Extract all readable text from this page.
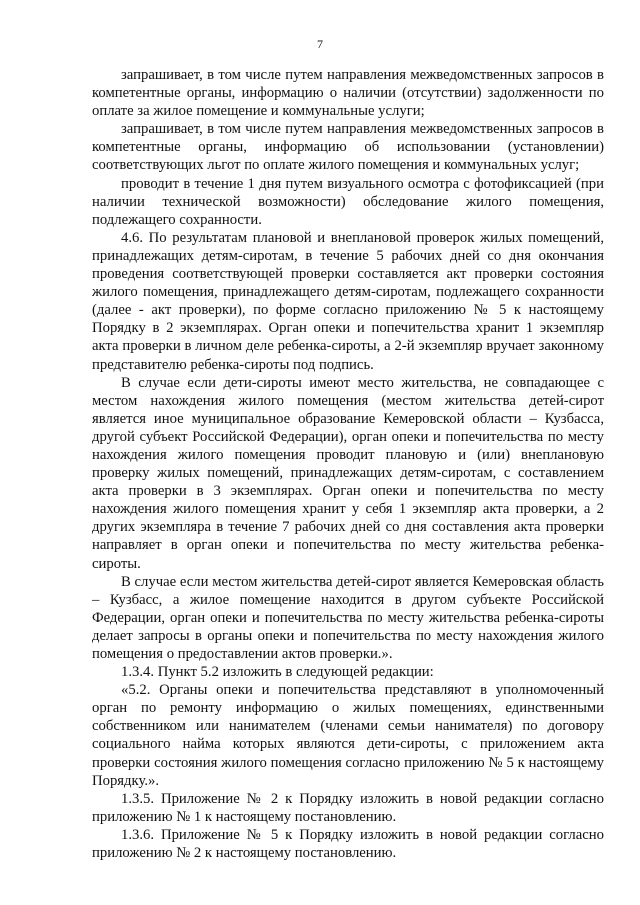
7

запрашивает, в том числе путем направления межведомственных запросов в компетентные органы, информацию о наличии (отсутствии) задолженности по оплате за жилое помещение и коммунальные услуги;

запрашивает, в том числе путем направления межведомственных запросов в компетентные органы, информацию об использовании (установлении) соответствующих льгот по оплате жилого помещения и коммунальных услуг;

проводит в течение 1 дня путем визуального осмотра с фотофиксацией (при наличии технической возможности) обследование жилого помещения, подлежащего сохранности.

4.6. По результатам плановой и внеплановой проверок жилых помещений, принадлежащих детям-сиротам, в течение 5 рабочих дней со дня окончания проведения соответствующей проверки составляется акт проверки состояния жилого помещения, принадлежащего детям-сиротам, подлежащего сохранности (далее - акт проверки), по форме согласно приложению № 5 к настоящему Порядку в 2 экземплярах. Орган опеки и попечительства хранит 1 экземпляр акта проверки в личном деле ребенка-сироты, а 2-й экземпляр вручает законному представителю ребенка-сироты под подпись.

В случае если дети-сироты имеют место жительства, не совпадающее с местом нахождения жилого помещения (местом жительства детей-сирот является иное муниципальное образование Кемеровской области – Кузбасса, другой субъект Российской Федерации), орган опеки и попечительства по месту нахождения жилого помещения проводит плановую и (или) внеплановую проверку жилых помещений, принадлежащих детям-сиротам, с составлением акта проверки в 3 экземплярах. Орган опеки и попечительства по месту нахождения жилого помещения хранит у себя 1 экземпляр акта проверки, а 2 других экземпляра в течение 7 рабочих дней со дня составления акта проверки направляет в орган опеки и попечительства по месту жительства ребенка-сироты.

В случае если местом жительства детей-сирот является Кемеровская область – Кузбасс, а жилое помещение находится в другом субъекте Российской Федерации, орган опеки и попечительства по месту жительства ребенка-сироты делает запросы в органы опеки и попечительства по месту нахождения жилого помещения о предоставлении актов проверки.».

1.3.4. Пункт 5.2 изложить в следующей редакции:

«5.2. Органы опеки и попечительства представляют в уполномоченный орган по ремонту информацию о жилых помещениях, единственными собственником или нанимателем (членами семьи нанимателя) по договору социального найма которых являются дети-сироты, с приложением акта проверки состояния жилого помещения согласно приложению № 5 к настоящему Порядку.».

1.3.5. Приложение № 2 к Порядку изложить в новой редакции согласно приложению № 1 к настоящему постановлению.

1.3.6. Приложение № 5 к Порядку изложить в новой редакции согласно приложению № 2 к настоящему постановлению.
